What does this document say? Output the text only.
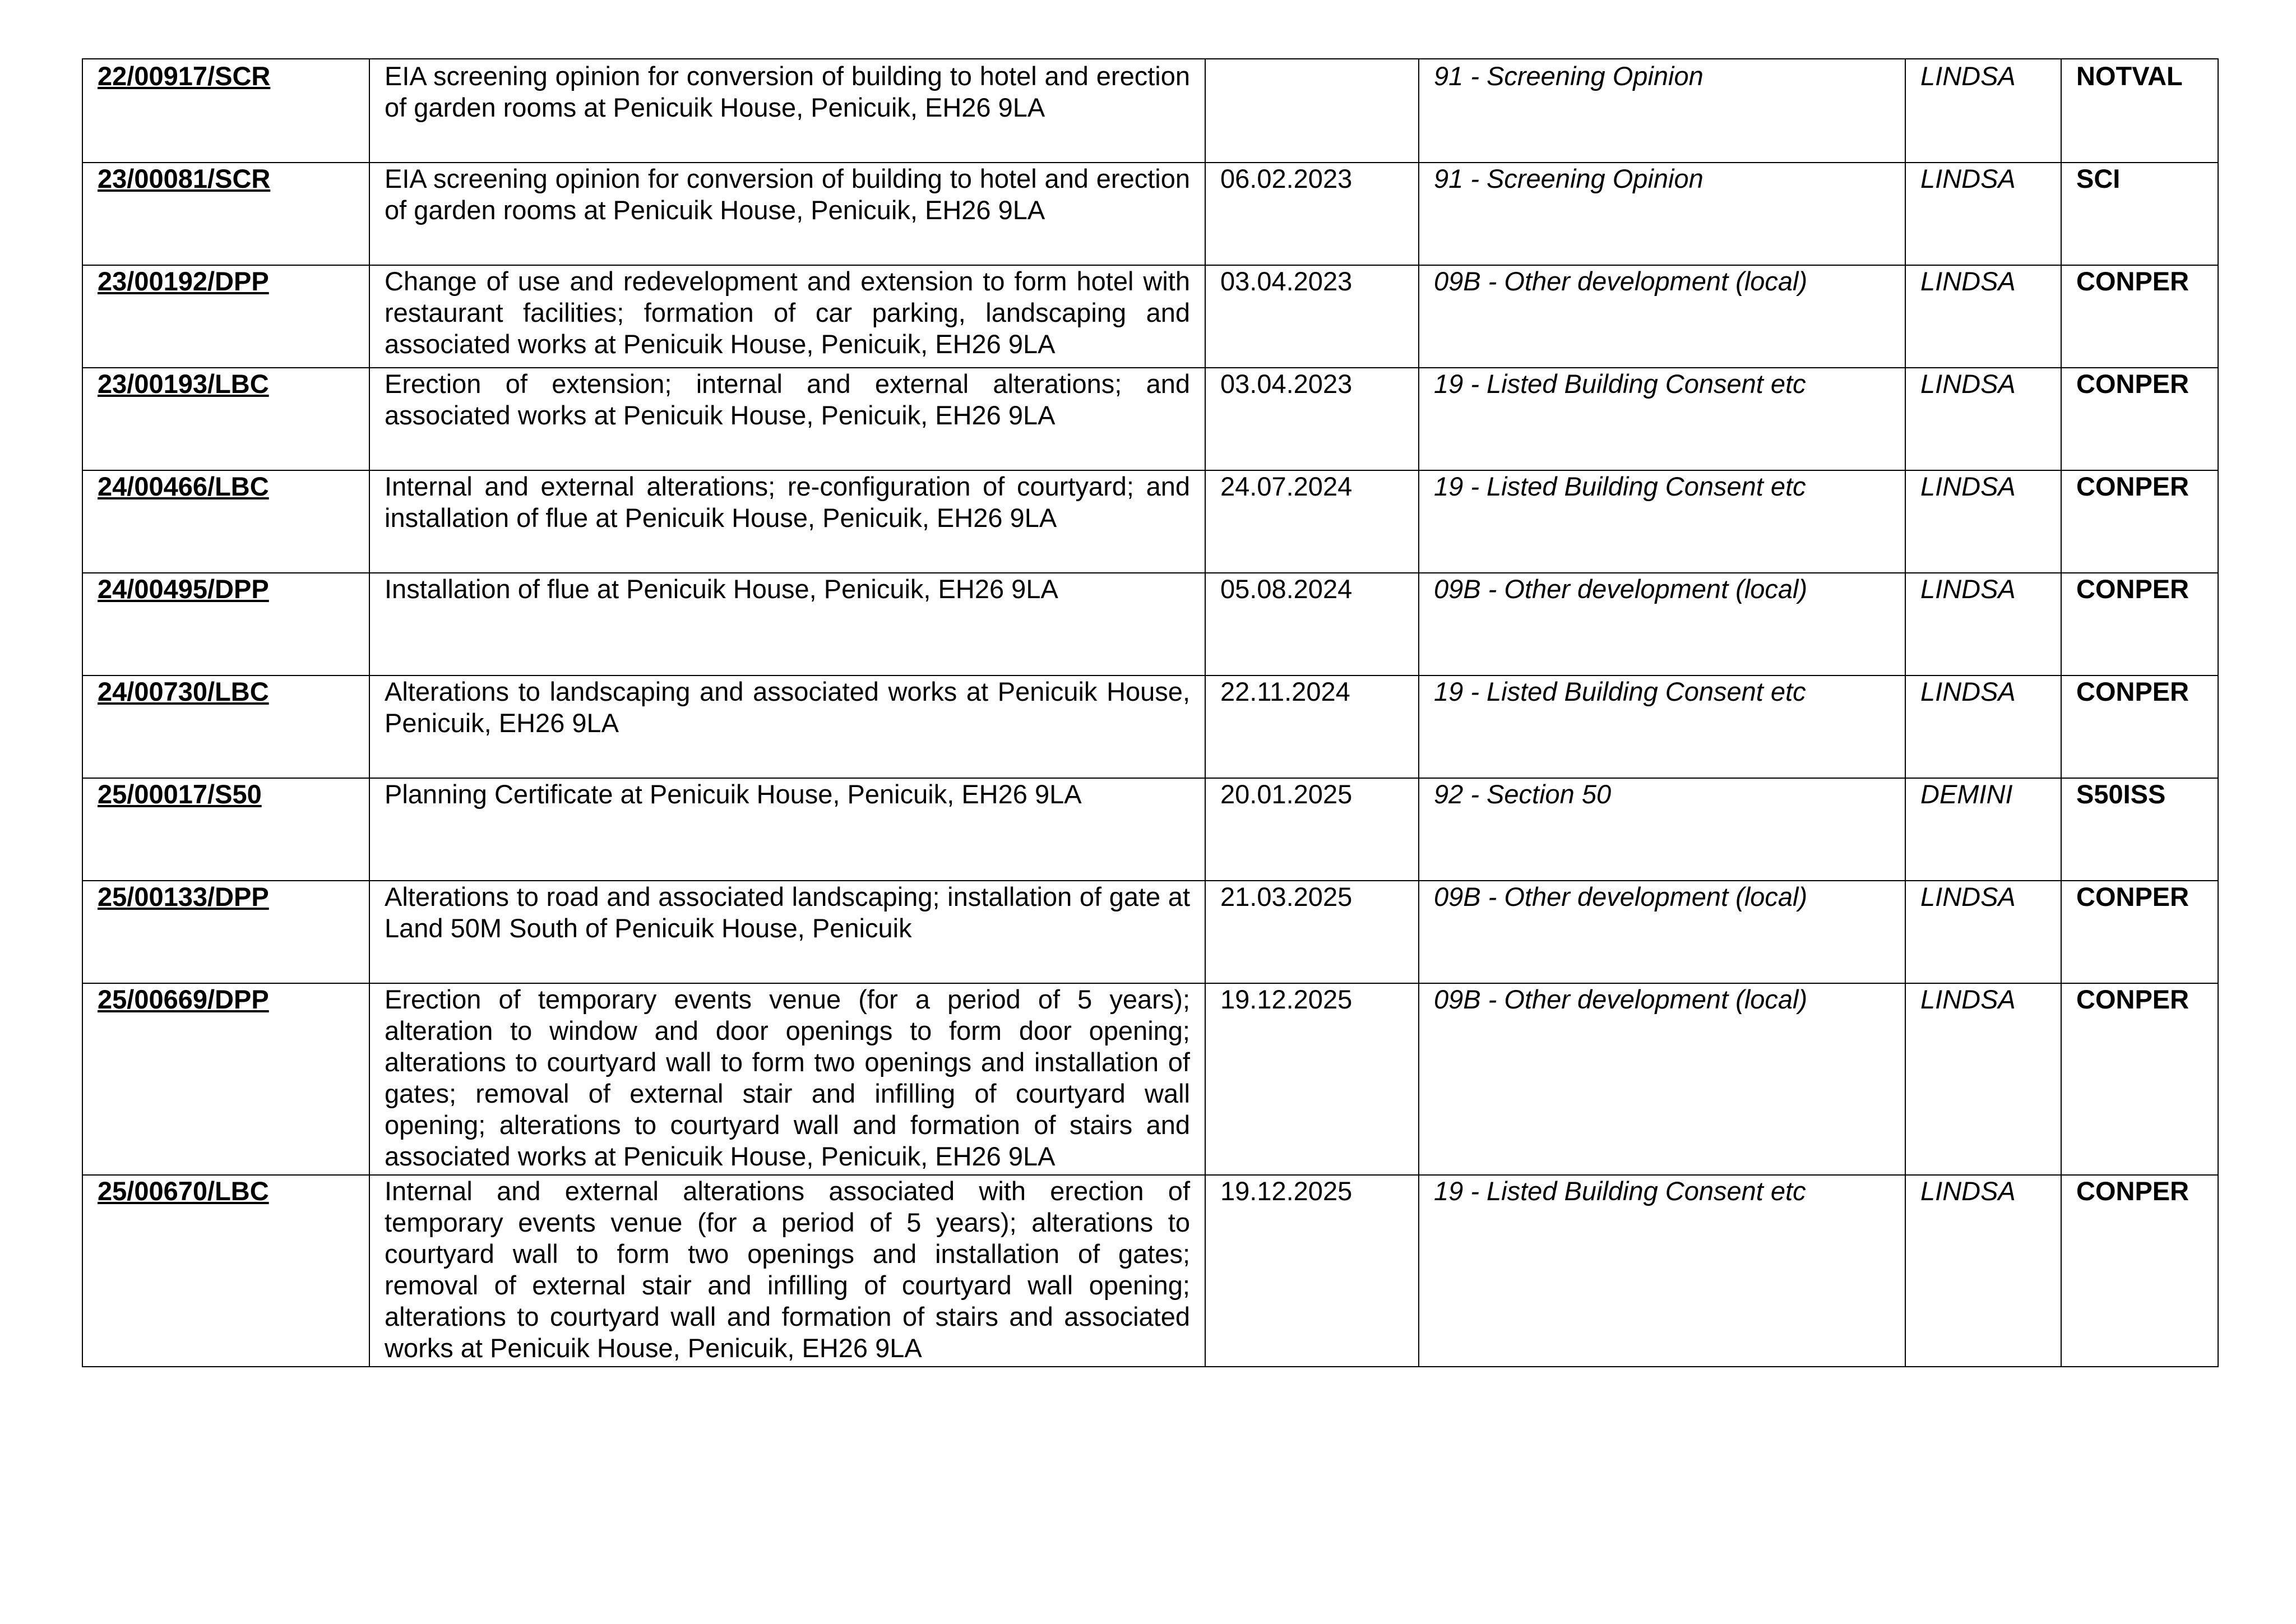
22/00917/SCR	EIA screening opinion for conversion of building to hotel and erection of garden rooms at Penicuik House, Penicuik, EH26 9LA		91 - Screening Opinion	LINDSA	NOTVAL
23/00081/SCR	EIA screening opinion for conversion of building to hotel and erection of garden rooms at Penicuik House, Penicuik, EH26 9LA	06.02.2023	91 - Screening Opinion	LINDSA	SCI
23/00192/DPP	Change of use and redevelopment and extension to form hotel with restaurant facilities; formation of car parking, landscaping and associated works at Penicuik House, Penicuik, EH26 9LA	03.04.2023	09B - Other development (local)	LINDSA	CONPER
23/00193/LBC	Erection of extension; internal and external alterations; and associated works at Penicuik House, Penicuik, EH26 9LA	03.04.2023	19 - Listed Building Consent etc	LINDSA	CONPER
24/00466/LBC	Internal and external alterations; re-configuration of courtyard; and installation of flue at Penicuik House, Penicuik, EH26 9LA	24.07.2024	19 - Listed Building Consent etc	LINDSA	CONPER
24/00495/DPP	Installation of flue at Penicuik House, Penicuik, EH26 9LA	05.08.2024	09B - Other development (local)	LINDSA	CONPER
24/00730/LBC	Alterations to landscaping and associated works at Penicuik House, Penicuik, EH26 9LA	22.11.2024	19 - Listed Building Consent etc	LINDSA	CONPER
25/00017/S50	Planning Certificate at Penicuik House, Penicuik, EH26 9LA	20.01.2025	92 - Section 50	DEMINI	S50ISS
25/00133/DPP	Alterations to road and associated landscaping; installation of gate at Land 50M South of Penicuik House, Penicuik	21.03.2025	09B - Other development (local)	LINDSA	CONPER
25/00669/DPP	Erection of temporary events venue (for a period of 5 years); alteration to window and door openings to form door opening; alterations to courtyard wall to form two openings and installation of gates; removal of external stair and infilling of courtyard wall opening; alterations to courtyard wall and formation of stairs and associated works at Penicuik House, Penicuik, EH26 9LA	19.12.2025	09B - Other development (local)	LINDSA	CONPER
25/00670/LBC	Internal and external alterations associated with erection of temporary events venue (for a period of 5 years); alterations to courtyard wall to form two openings and installation of gates; removal of external stair and infilling of courtyard wall opening; alterations to courtyard wall and formation of stairs and associated works at Penicuik House, Penicuik, EH26 9LA	19.12.2025	19 - Listed Building Consent etc	LINDSA	CONPER
